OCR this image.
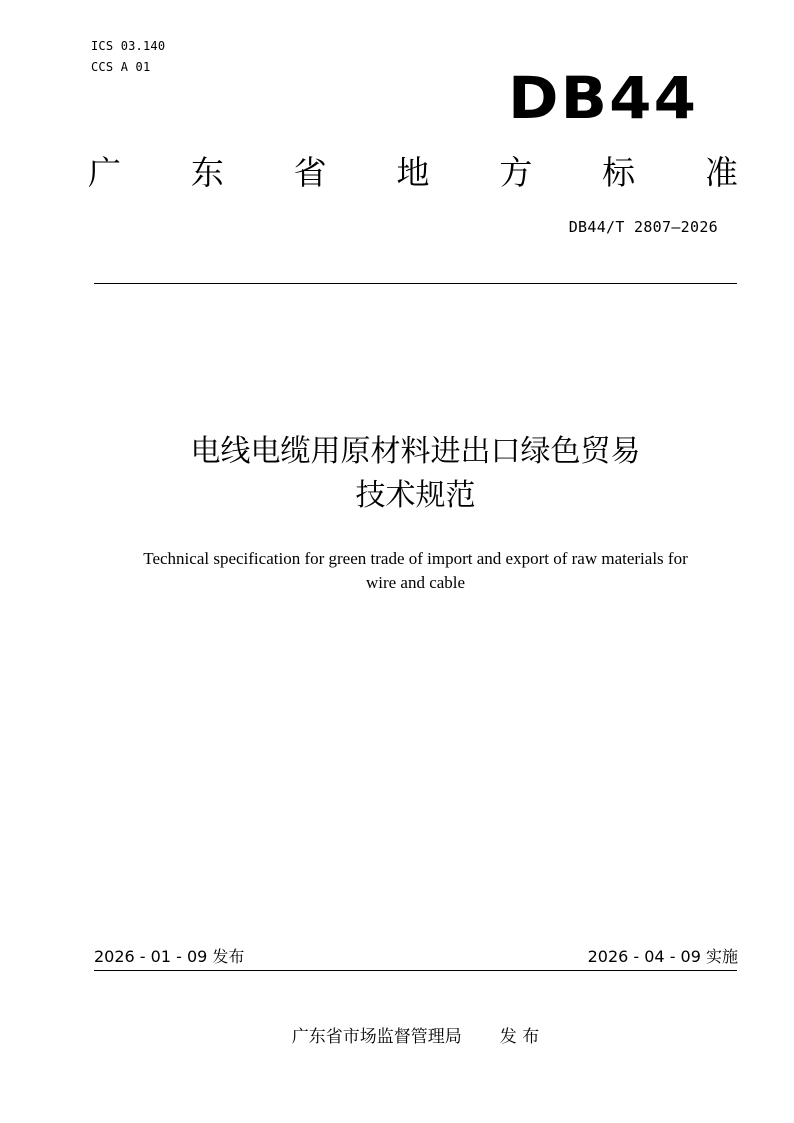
ICS 03.140
CCS A 01	DB44
广 东 省 地 方 标 准
DB44/T 2807—2026
电线电缆用原材料进出口绿色贸易
技术规范
Technical specification for green trade of import and export of raw materials for
wire and cable
2026 - 01 - 09 发布	2026 - 04 - 09 实施
广东省市场监督管理局 发 布
